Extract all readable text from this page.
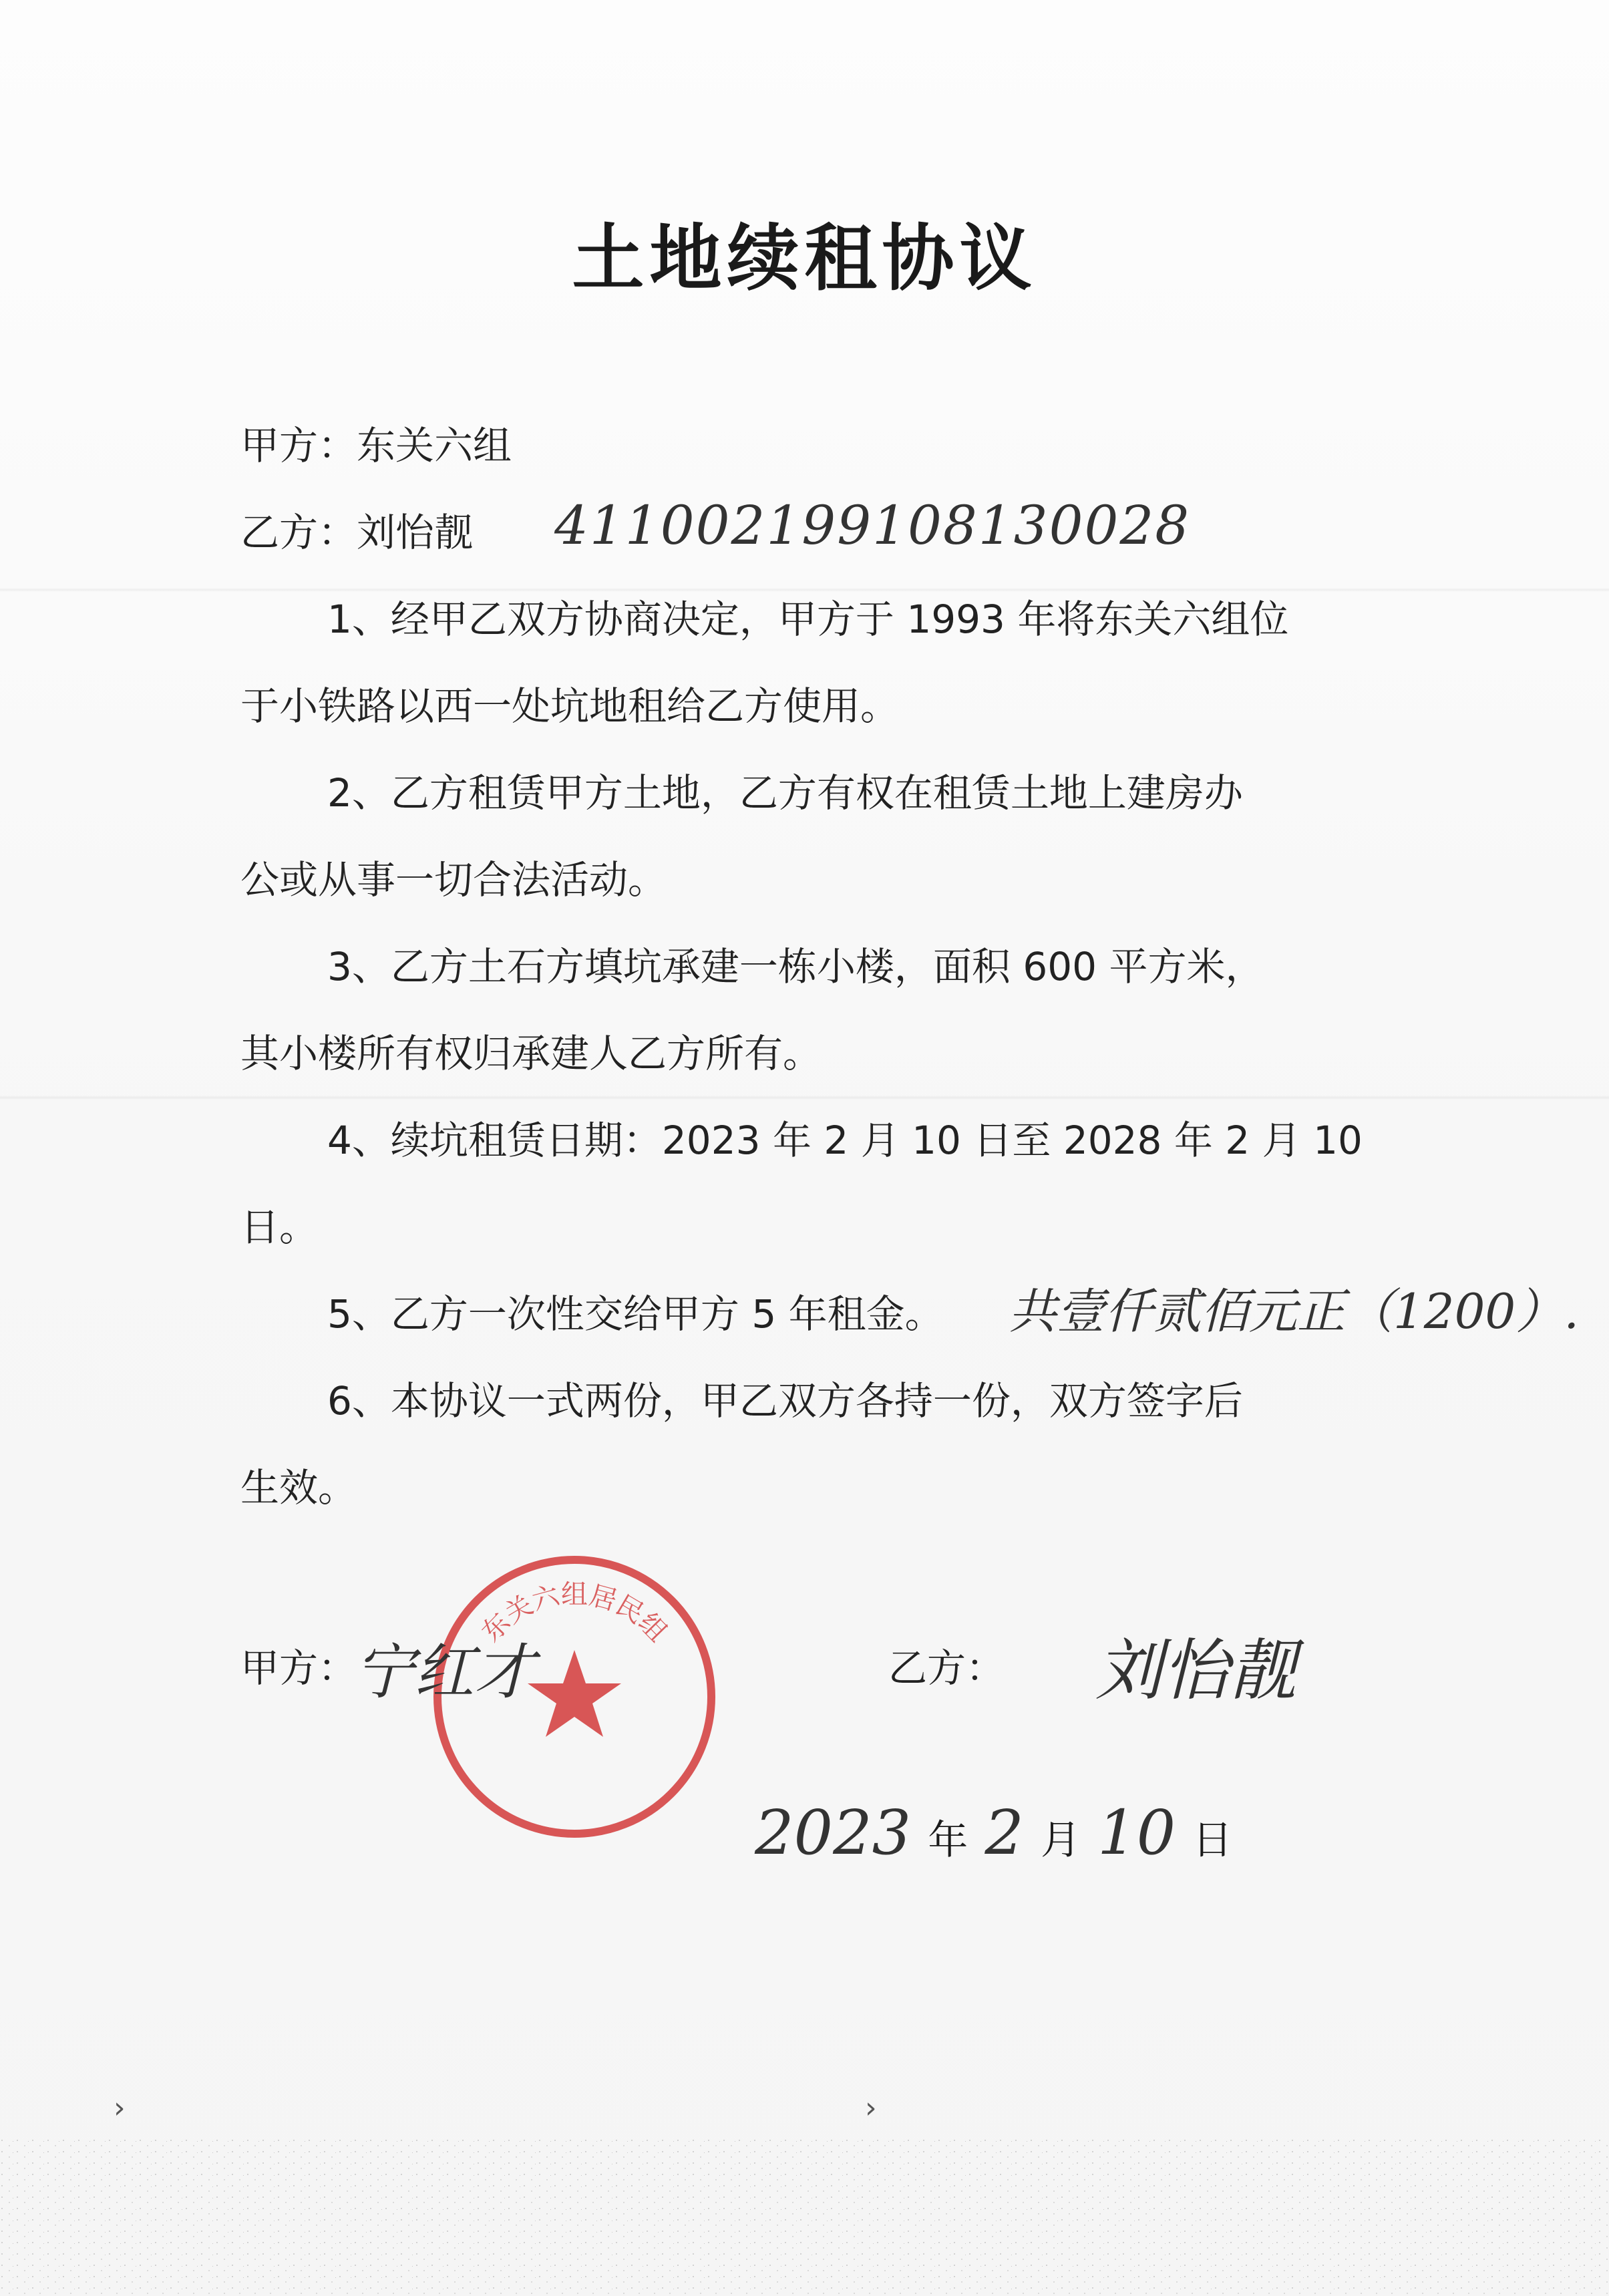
土地续租协议
甲方：东关六组
乙方：刘怡靓 411002199108130028
1、经甲乙双方协商决定，甲方于 1993 年将东关六组位
于小铁路以西一处坑地租给乙方使用。
2、乙方租赁甲方土地，乙方有权在租赁土地上建房办
公或从事一切合法活动。
3、乙方土石方填坑承建一栋小楼，面积 600 平方米，
其小楼所有权归承建人乙方所有。
4、续坑租赁日期：2023 年 2 月 10 日至 2028 年 2 月 10
日。
5、乙方一次性交给甲方 5 年租金。 共壹仟贰佰元正（1200）.
6、本协议一式两份，甲乙双方各持一份，双方签字后
生效。
东关六组居民组
甲方：
宁红才	乙方： 刘怡靓
2023 年 2 月 10 日
›	›
